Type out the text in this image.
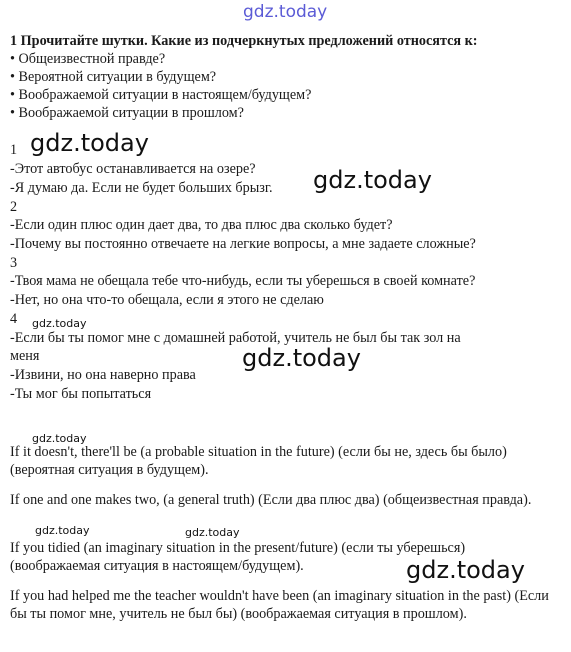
gdz.today
1 Прочитайте шутки. Какие из подчеркнутых предложений относятся к:
• Общеизвестной правде?
• Вероятной ситуации в будущем?
• Воображаемой ситуации в настоящем/будущем?
• Воображаемой ситуации в прошлом?
1 gdz.today
-Этот автобус останавливается на озере?
-Я думаю да. Если не будет больших брызг. gdz.today
2
-Если один плюс один дает два, то два плюс два сколько будет?
-Почему вы постоянно отвечаете на легкие вопросы, а мне задаете сложные?
3
-Твоя мама не обещала тебе что-нибудь, если ты уберешься в своей комнате?
-Нет, но она что-то обещала, если я этого не сделаю
4 gdz.today
-Если бы ты помог мне с домашней работой, учитель не был бы так зол на
меня	gdz.today
-Извини, но она наверно права
-Ты мог бы попытаться
gdz.today
If it doesn't, there'll be (a probable situation in the future) (если бы не, здесь бы было) (вероятная ситуация в будущем).
If one and one makes two, (a general truth) (Если два плюс два) (общеизвестная правда).
gdz.today	gdz.today
If you tidied (an imaginary situation in the present/future) (если ты уберешься) (воображаемая ситуация в настоящем/будущем).	gdz.today
If you had helped me the teacher wouldn't have been (an imaginary situation in the past) (Если бы ты помог мне, учитель не был бы) (воображаемая ситуация в прошлом).
